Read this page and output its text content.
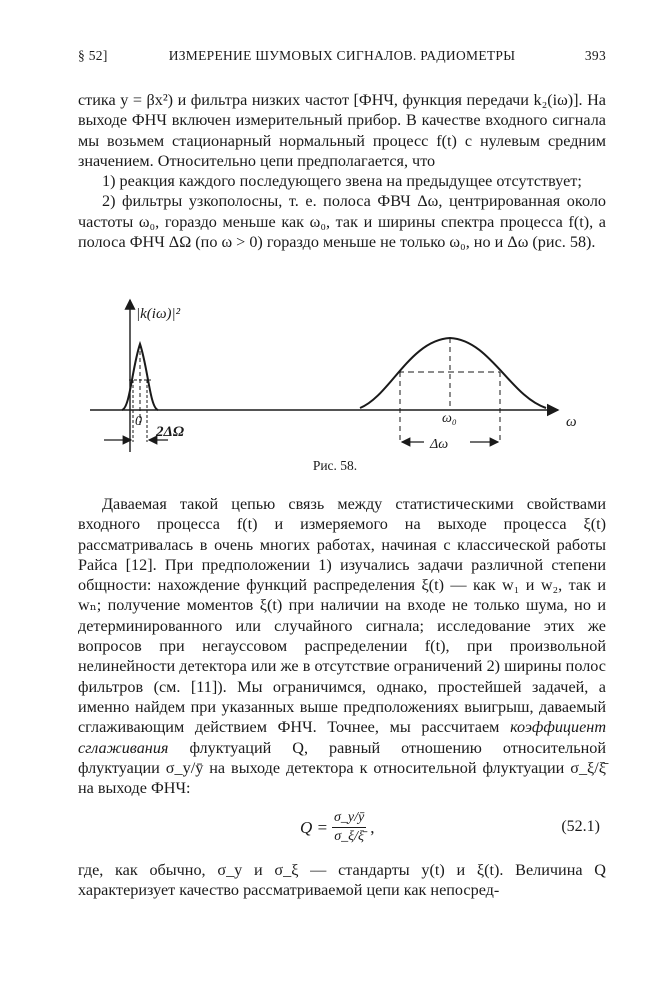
§ 52]	ИЗМЕРЕНИЕ ШУМОВЫХ СИГНАЛОВ. РАДИОМЕТРЫ	393

стика y = βx²) и фильтра низких частот [ФНЧ, функция передачи k₂(iω)]. На выходе ФНЧ включен измерительный прибор. В качестве входного сигнала мы возьмем стационарный нормальный процесс f(t) с нулевым средним значением. Относительно цепи предполагается, что

1) реакция каждого последующего звена на предыдущее отсутствует;

2) фильтры узкополосны, т. е. полоса ФВЧ Δω, центрированная около частоты ω₀, гораздо меньше как ω₀, так и ширины спектра процесса f(t), а полоса ФНЧ ΔΩ (по ω > 0) гораздо меньше не только ω₀, но и Δω (рис. 58).

|k(iω)|²
ω
0	ω₀
2ΔΩ
Δω
Рис. 58.

Даваемая такой цепью связь между статистическими свойствами входного процесса f(t) и измеряемого на выходе процесса ξ(t) рассматривалась в очень многих работах, начиная с классической работы Райса [12]. При предположении 1) изучались задачи различной степени общности: нахождение функций распределения ξ(t) — как w₁ и w₂, так и wₙ; получение моментов ξ(t) при наличии на входе не только шума, но и детерминированного или случайного сигнала; исследование этих же вопросов при негауссовом распределении f(t), при произвольной нелинейности детектора или же в отсутствие ограничений 2) ширины полос фильтров (см. [11]). Мы ограничимся, однако, простейшей задачей, а именно найдем при указанных выше предположениях выигрыш, даваемый сглаживающим действием ФНЧ. Точнее, мы рассчитаем коэффициент сглаживания флуктуаций Q, равный отношению относительной флуктуации σ_y/ȳ на выходе детектора к относительной флуктуации σ_ξ/ξ̄ на выходе ФНЧ:

$Q = \frac{\sigma\_y/ȳ}{\sigma\_\xi/\xī}$ ,	(52.1)

где, как обычно, σ_y и σ_ξ — стандарты y(t) и ξ(t). Величина Q характеризует качество рассматриваемой цепи как непосред-
